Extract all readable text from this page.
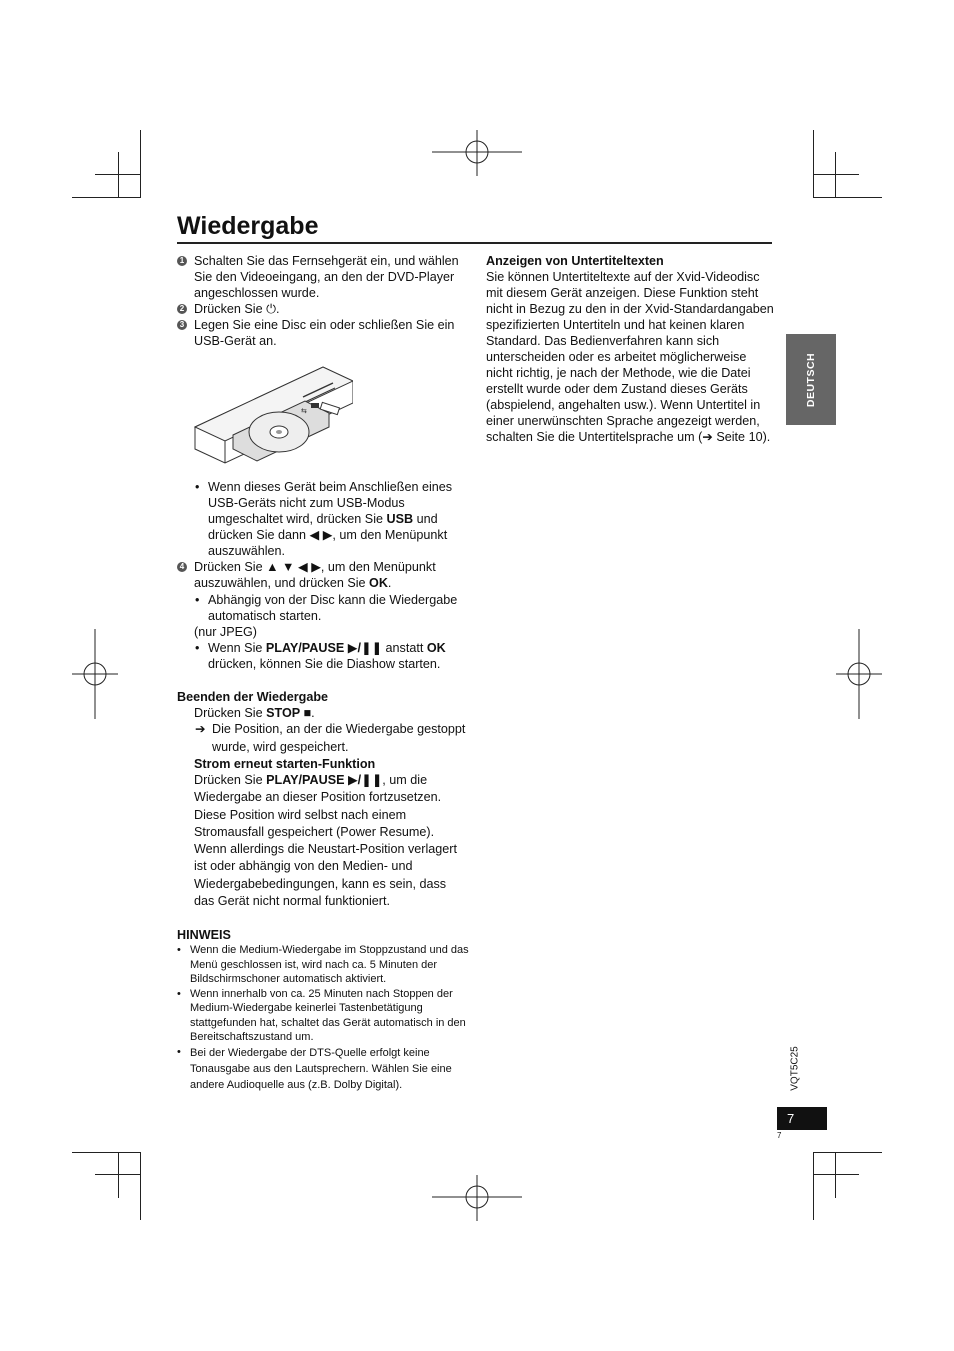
Wiedergabe
DEUTSCH
1 Schalten Sie das Fernsehgerät ein, und wählen Sie den Videoeingang, an den der DVD-Player angeschlossen wurde.

2 Drücken Sie ⏻.

3 Legen Sie eine Disc ein oder schließen Sie ein USB-Gerät an.

⇆
• Wenn dieses Gerät beim Anschließen eines USB-Geräts nicht zum USB-Modus umgeschaltet wird, drücken Sie USB und drücken Sie dann ◀ ▶, um den Menüpunkt auszuwählen.

4 Drücken Sie ▲ ▼ ◀ ▶, um den Menüpunkt auszuwählen, und drücken Sie OK.

• Abhängig von der Disc kann die Wiedergabe automatisch starten.

(nur JPEG)
• Wenn Sie PLAY/PAUSE ▶/❚❚ anstatt OK drücken, können Sie die Diashow starten.

Beenden der Wiedergabe

Drücken Sie STOP ■.

➔ Die Position, an der die Wiedergabe gestoppt wurde, wird gespeichert.

Strom erneut starten-Funktion

Drücken Sie PLAY/PAUSE ▶/❚❚, um die Wiedergabe an dieser Position fortzusetzen. Diese Position wird selbst nach einem Stromausfall gespeichert (Power Resume). Wenn allerdings die Neustart-Position verlagert ist oder abhängig von den Medien- und Wiedergabebedingungen, kann es sein, dass das Gerät nicht normal funktioniert.

HINWEIS

• Wenn die Medium-Wiedergabe im Stoppzustand und das Menü geschlossen ist, wird nach ca. 5 Minuten der Bildschirmschoner automatisch aktiviert.

• Wenn innerhalb von ca. 25 Minuten nach Stoppen der Medium-Wiedergabe keinerlei Tastenbetätigung stattgefunden hat, schaltet das Gerät automatisch in den Bereitschaftszustand um.

• Bei der Wiedergabe der DTS-Quelle erfolgt keine Tonausgabe aus den Lautsprechern. Wählen Sie eine andere Audioquelle aus (z.B. Dolby Digital).

Anzeigen von Untertiteltexten

Sie können Untertiteltexte auf der Xvid-Videodisc mit diesem Gerät anzeigen. Diese Funktion steht nicht in Bezug zu den in der Xvid-Standardangaben spezifizierten Untertiteln und hat keinen klaren Standard. Das Bedienverfahren kann sich unterscheiden oder es arbeitet möglicherweise nicht richtig, je nach der Methode, wie die Datei erstellt wurde oder dem Zustand dieses Geräts (abspielend, angehalten usw.). Wenn Untertitel in einer unerwünschten Sprache angezeigt werden, schalten Sie die Untertitelsprache um (➔ Seite 10).

VQT5C25
7
7
